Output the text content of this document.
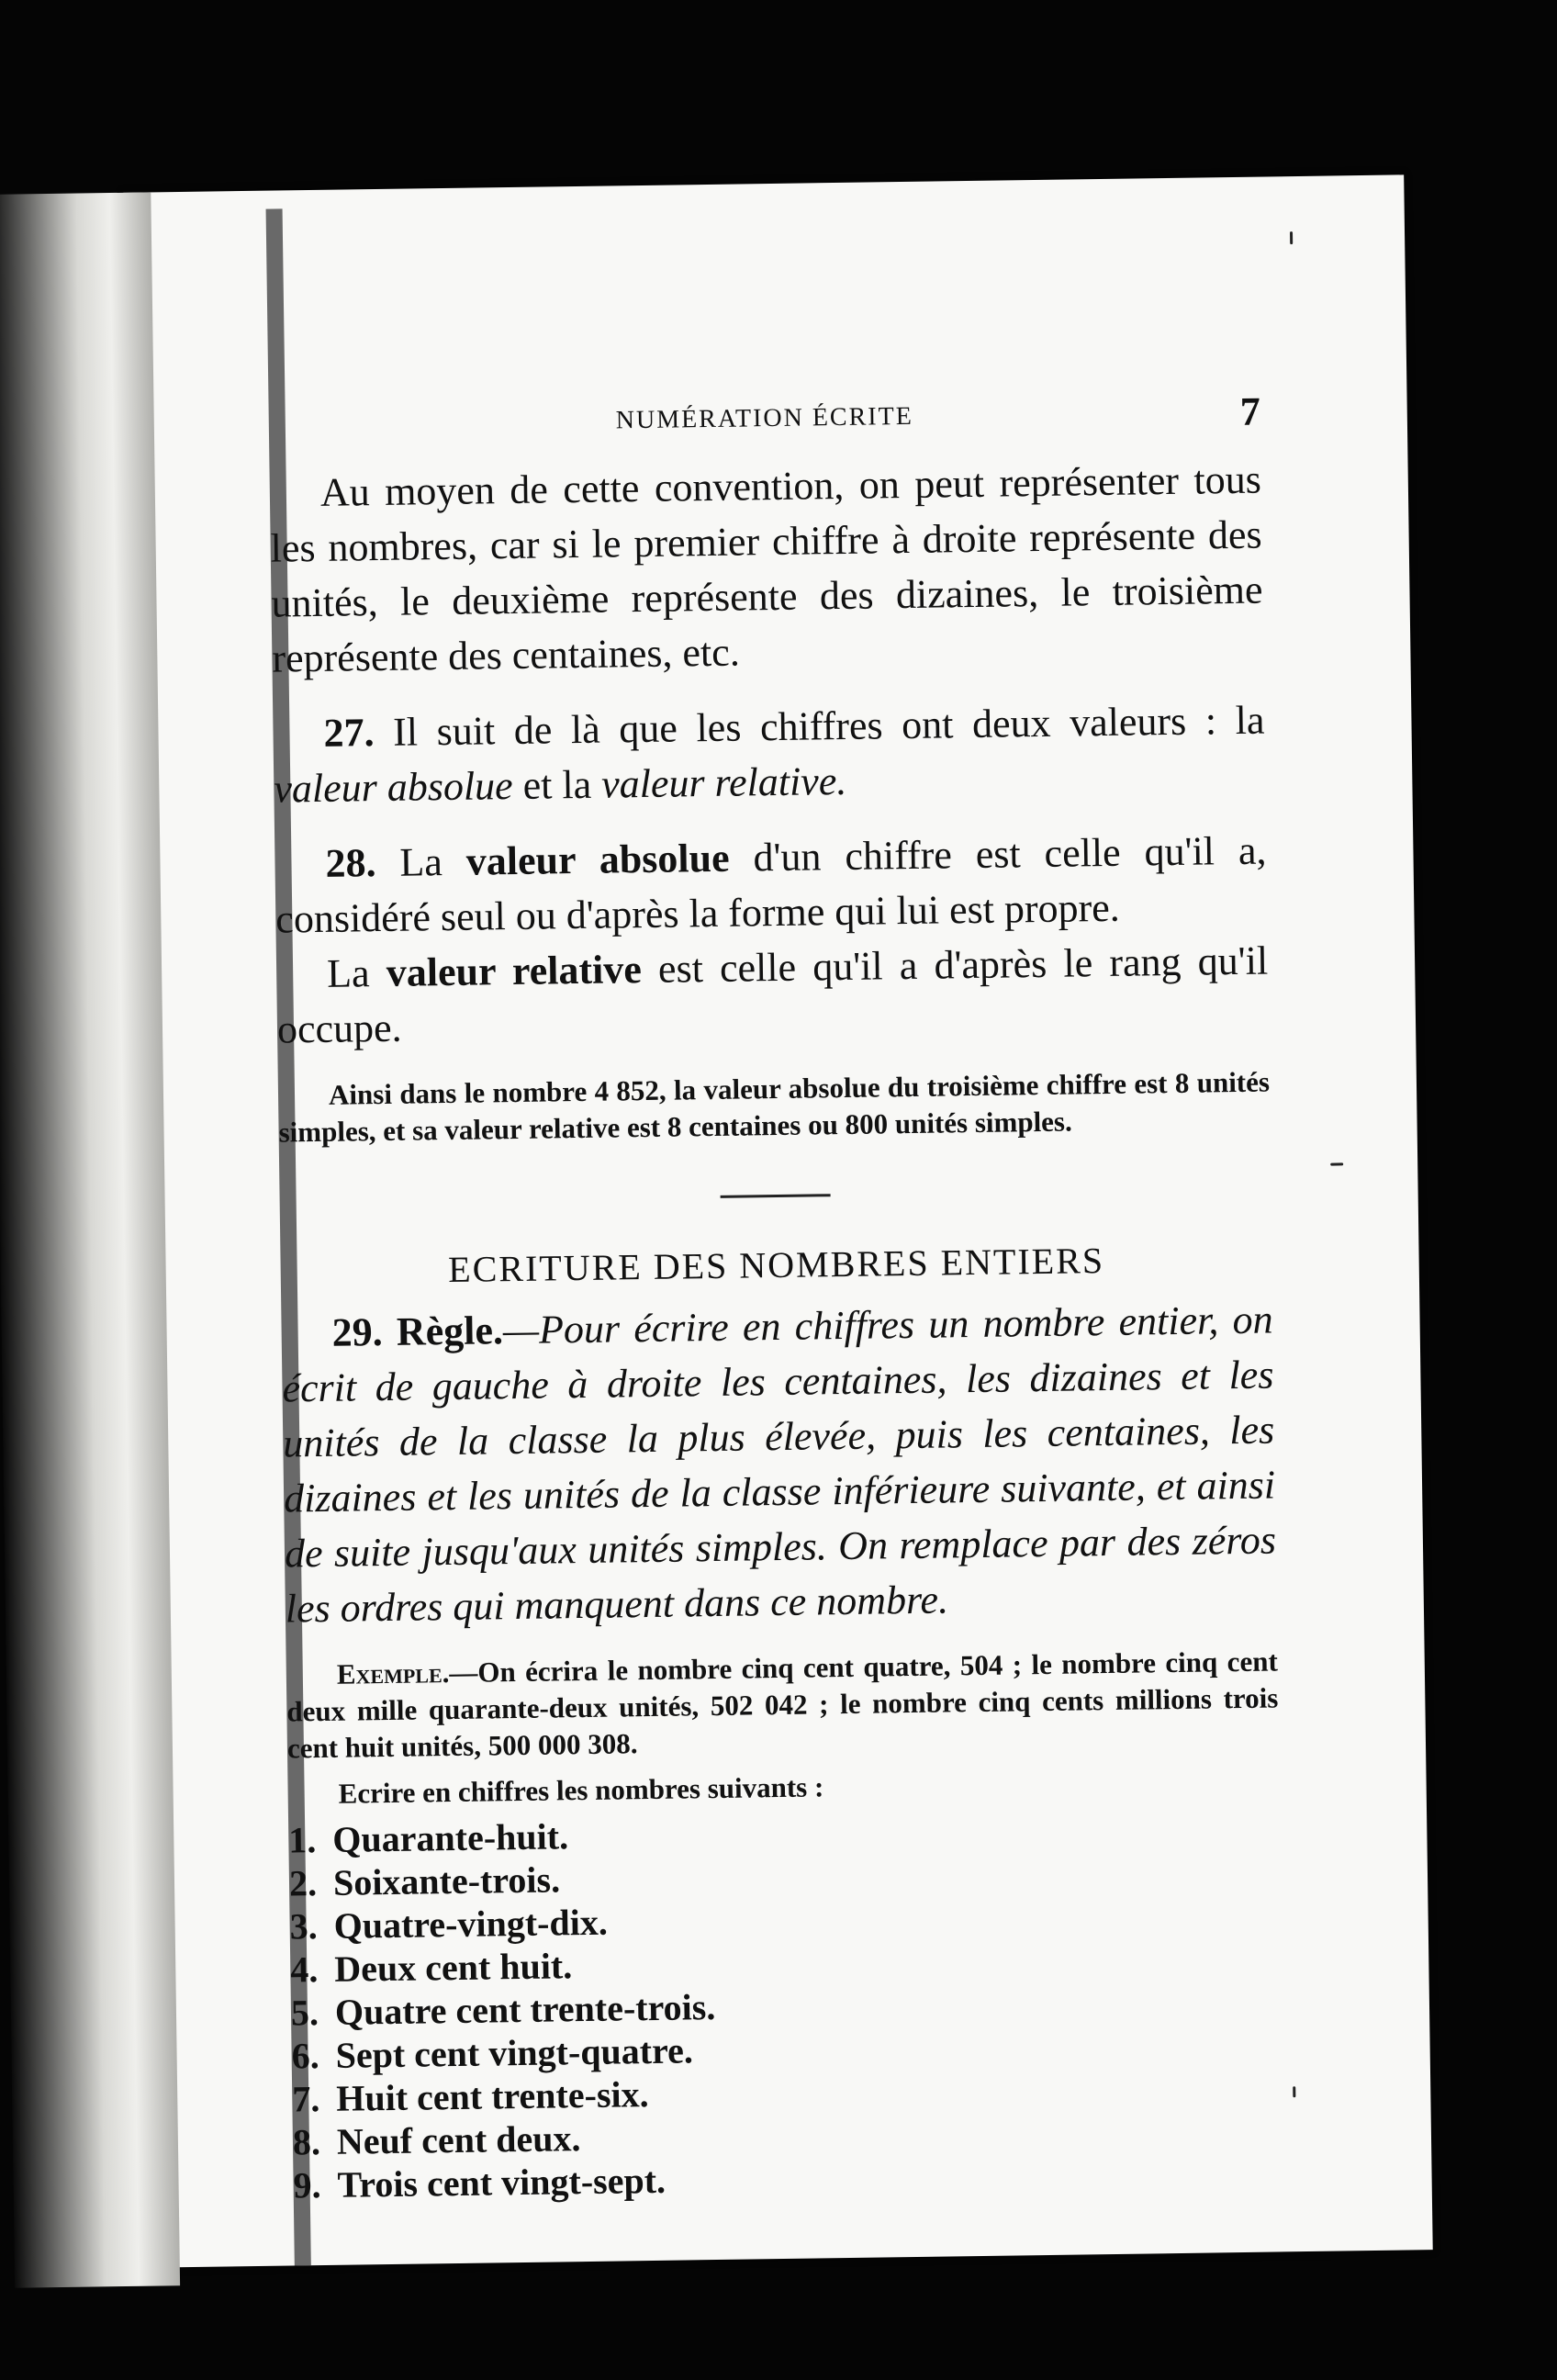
NUMÉRATION ÉCRITE	7

Au moyen de cette convention, on peut représenter tous les nombres, car si le premier chiffre à droite représente des unités, le deuxième représente des dizaines, le troisième représente des centaines, etc.

27. Il suit de là que les chiffres ont deux valeurs : la valeur absolue et la valeur relative.

28. La valeur absolue d'un chiffre est celle qu'il a, considéré seul ou d'après la forme qui lui est propre.

La valeur relative est celle qu'il a d'après le rang qu'il occupe.

Ainsi dans le nombre 4 852, la valeur absolue du troisième chiffre est 8 unités simples, et sa valeur relative est 8 centaines ou 800 unités simples.

ECRITURE DES NOMBRES ENTIERS

29. Règle.—Pour écrire en chiffres un nombre entier, on écrit de gauche à droite les centaines, les dizaines et les unités de la classe la plus élevée, puis les centaines, les dizaines et les unités de la classe inférieure suivante, et ainsi de suite jusqu'aux unités simples. On remplace par des zéros les ordres qui manquent dans ce nombre.

Exemple.—On écrira le nombre cinq cent quatre, 504 ; le nombre cinq cent deux mille quarante-deux unités, 502 042 ; le nombre cinq cents millions trois cent huit unités, 500 000 308.

Ecrire en chiffres les nombres suivants :
1. Quarante-huit.
2. Soixante-trois.
3. Quatre-vingt-dix.
4. Deux cent huit.
5. Quatre cent trente-trois.
6. Sept cent vingt-quatre.
7. Huit cent trente-six.
8. Neuf cent deux.
9. Trois cent vingt-sept.
